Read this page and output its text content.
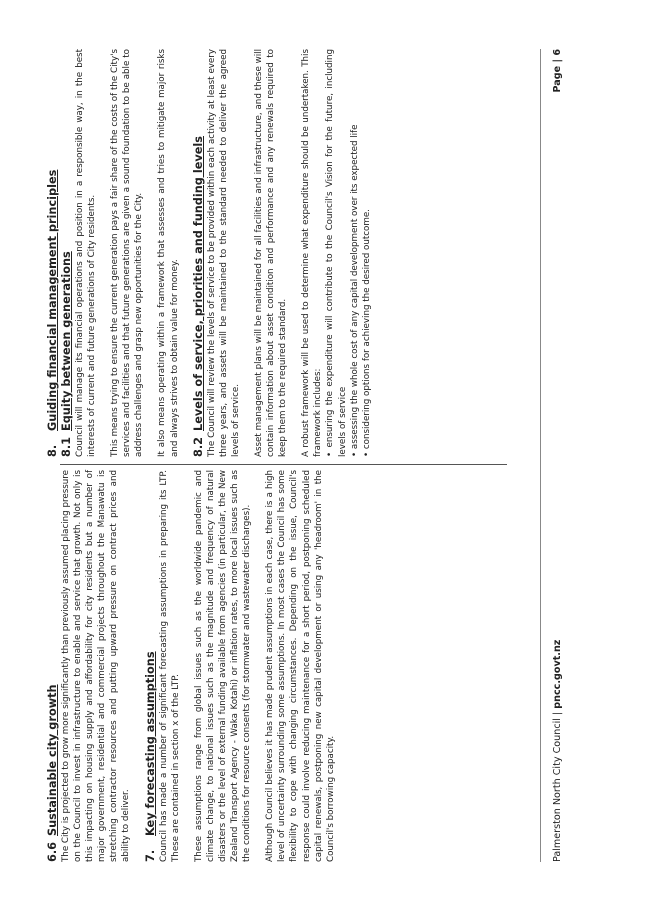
6.6Sustainable city growth The City is projected to grow more significantly than previously assumed placing pressure on the Council to invest in infrastructure to enable and service that growth. Not only is this impacting on housing supply and affordability for city residents but a number of major government, residential and commercial projects throughout the Manawatu is stretching contractor resources and putting upward pressure on contract prices and ability to deliver. 7.Key forecasting assumptions Council has made a number of significant forecasting assumptions in preparing its LTP. These are contained in section x of the LTP. These assumptions range from global issues such as the worldwide pandemic and climate change, to national issues such as the magnitude and frequency of natural disasters or the level of external funding available from agencies (in particular, the New Zealand Transport Agency - Waka Kotahi) or inflation rates, to more local issues such as the conditions for resource consents (for stormwater and wastewater discharges). Although Council believes it has made prudent assumptions in each case, there is a high level of uncertainty surrounding some assumptions. In most cases the Council has some flexibility to cope with changing circumstances. Depending on the issue, Council's response could involve reducing maintenance for a short period, postponing scheduled capital renewals, postponing new capital development or using any 'headroom' in the Council's borrowing capacity.

8.Guiding financial management principles
8.1Equity between generations Council will manage its financial operations and position in a responsible way, in the best interests of current and future generations of City residents. This means trying to ensure the current generation pays a fair share of the costs of the City's services and facilities and that future generations are given a sound foundation to be able to address challenges and grasp new opportunities for the City. It also means operating within a framework that assesses and tries to mitigate major risks and always strives to obtain value for money. 8.2Levels of service, priorities and funding levels The Council will review the levels of service to be provided within each activity at least every three years, and assets will be maintained to the standard needed to deliver the agreed levels of service. Asset management plans will be maintained for all facilities and infrastructure, and these will contain information about asset condition and performance and any renewals required to keep them to the required standard. A robust framework will be used to determine what expenditure should be undertaken. This framework includes: • ensuring the expenditure will contribute to the Council's Vision for the future, including levels of service • assessing the whole cost of any capital development over its expected life • considering options for achieving the desired outcome.

Palmerston North City Council | pncc.govt.nz
Page | 6
